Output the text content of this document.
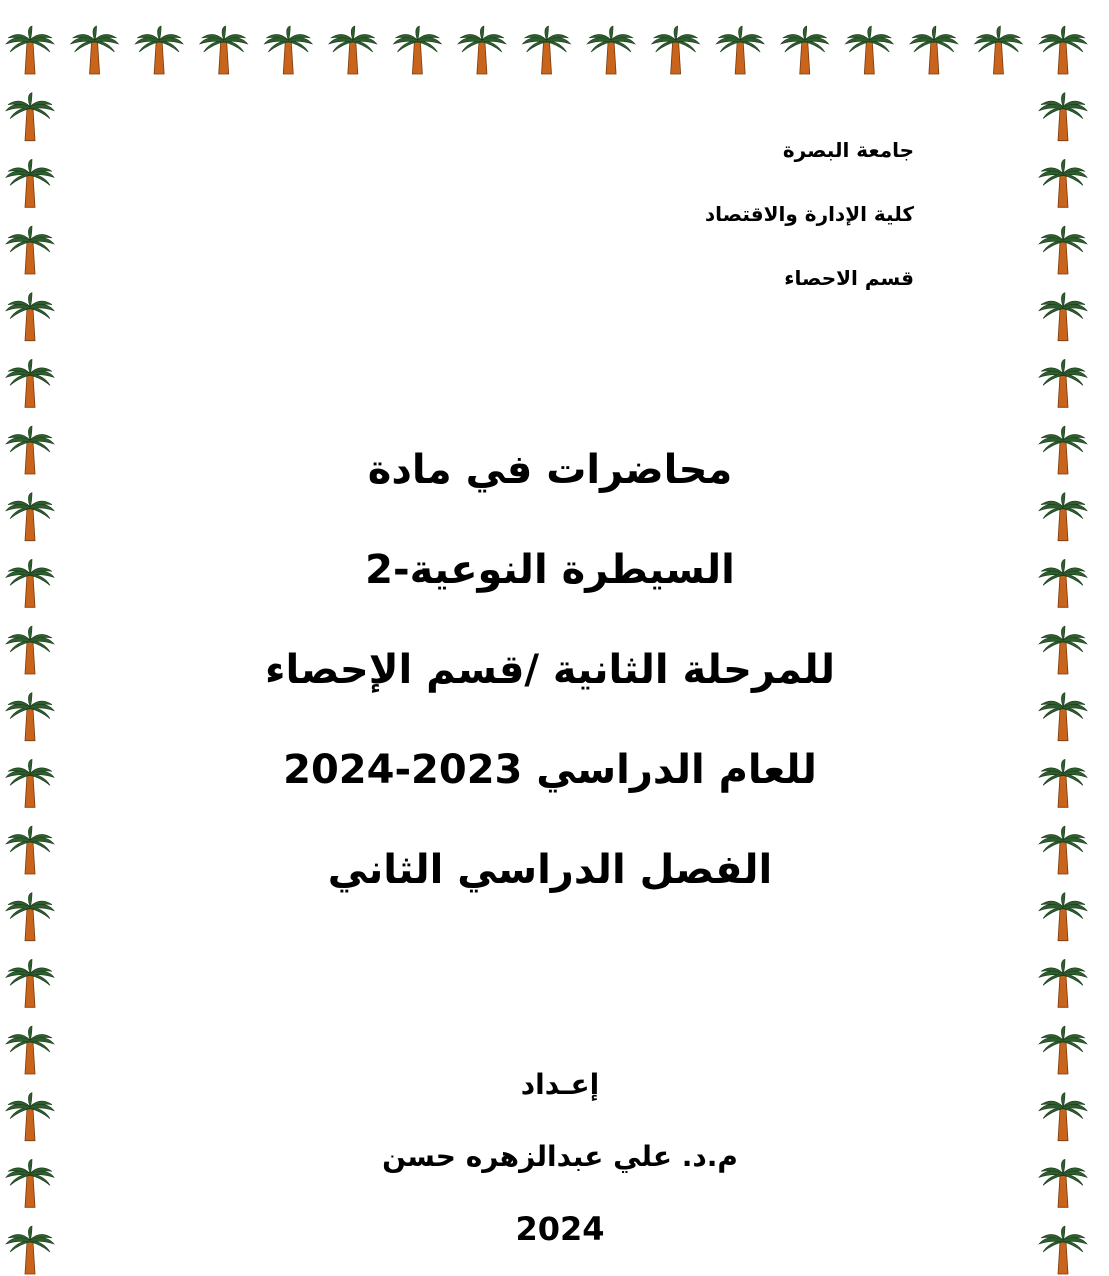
جامعة البصرة
كلية الإدارة والاقتصاد
قسم الاحصاء
محاضرات في مادة
السيطرة النوعية-2
للمرحلة الثانية /قسم الإحصاء
للعام الدراسي 2023-2024
الفصل الدراسي الثاني
إعـداد
م.د. علي عبدالزهره حسن
2024
